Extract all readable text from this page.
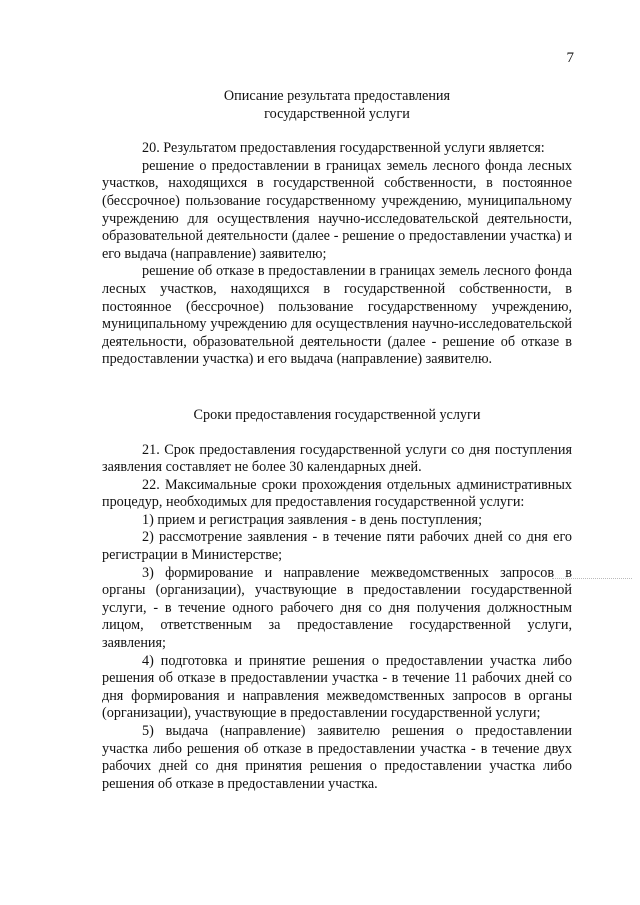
7
Описание результата предоставления
государственной услуги

20. Результатом предоставления государственной услуги является:

решение о предоставлении в границах земель лесного фонда лесных участков, находящихся в государственной собственности, в постоянное (бессрочное) пользование государственному учреждению, муниципальному учреждению для осуществления научно-исследовательской деятельности, образовательной деятельности (далее - решение о предоставлении участка) и его выдача (направление) заявителю;

решение об отказе в предоставлении в границах земель лесного фонда лесных участков, находящихся в государственной собственности, в постоянное (бессрочное) пользование государственному учреждению, муниципальному учреждению для осуществления научно-исследовательской деятельности, образовательной деятельности (далее - решение об отказе в предоставлении участка) и его выдача (направление) заявителю.

Сроки предоставления государственной услуги

21. Срок предоставления государственной услуги со дня поступления заявления составляет не более 30 календарных дней.

22. Максимальные сроки прохождения отдельных административных процедур, необходимых для предоставления государственной услуги:

1) прием и регистрация заявления - в день поступления;

2) рассмотрение заявления - в течение пяти рабочих дней со дня его регистрации в Министерстве;

3) формирование и направление межведомственных запросов в органы (организации), участвующие в предоставлении государственной услуги, - в течение одного рабочего дня со дня получения должностным лицом, ответственным за предоставление государственной услуги, заявления;

4) подготовка и принятие решения о предоставлении участка либо решения об отказе в предоставлении участка - в течение 11 рабочих дней со дня формирования и направления межведомственных запросов в органы (организации), участвующие в предоставлении государственной услуги;

5) выдача (направление) заявителю решения о предоставлении участка либо решения об отказе в предоставлении участка - в течение двух рабочих дней со дня принятия решения о предоставлении участка либо решения об отказе в предоставлении участка.
